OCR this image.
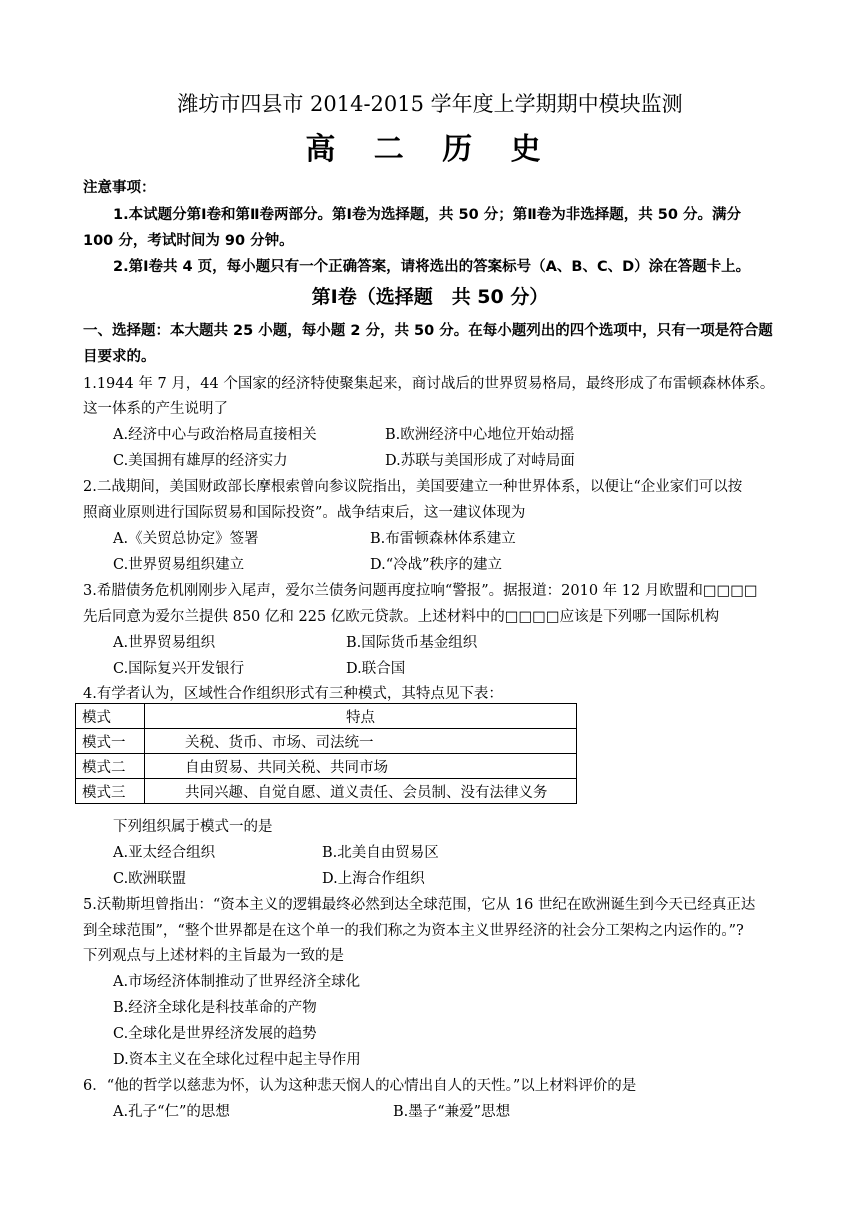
潍坊市四县市 2014-2015 学年度上学期期中模块监测
高 二 历 史
注意事项：
1.本试题分第Ⅰ卷和第Ⅱ卷两部分。第Ⅰ卷为选择题，共 50 分；第Ⅱ卷为非选择题，共 50 分。满分
100 分，考试时间为 90 分钟。
2.第Ⅰ卷共 4 页，每小题只有一个正确答案，请将选出的答案标号（A、B、C、D）涂在答题卡上。
第Ⅰ卷（选择题　共 50 分）
一、选择题：本大题共 25 小题，每小题 2 分，共 50 分。在每小题列出的四个选项中，只有一项是符合题
目要求的。
1.1944 年 7 月，44 个国家的经济特使聚集起来，商讨战后的世界贸易格局，最终形成了布雷顿森林体系。
这一体系的产生说明了
A.经济中心与政治格局直接相关	B.欧洲经济中心地位开始动摇
C.美国拥有雄厚的经济实力	D.苏联与美国形成了对峙局面
2.二战期间，美国财政部长摩根索曾向参议院指出，美国要建立一种世界体系，以便让“企业家们可以按
照商业原则进行国际贸易和国际投资”。战争结束后，这一建议体现为
A.《关贸总协定》签署	B.布雷顿森林体系建立
C.世界贸易组织建立	D.“冷战”秩序的建立
3.希腊债务危机刚刚步入尾声，爱尔兰债务问题再度拉响“警报”。据报道：2010 年 12 月欧盟和□□□□
先后同意为爱尔兰提供 850 亿和 225 亿欧元贷款。上述材料中的□□□□应该是下列哪一国际机构
A.世界贸易组织	B.国际货币基金组织
C.国际复兴开发银行	D.联合国
4.有学者认为，区域性合作组织形式有三种模式，其特点见下表：
模式	特点
模式一	关税、货币、市场、司法统一
模式二	自由贸易、共同关税、共同市场
模式三	共同兴趣、自觉自愿、道义责任、会员制、没有法律义务
下列组织属于模式一的是
A.亚太经合组织	B.北美自由贸易区
C.欧洲联盟	D.上海合作组织
5.沃勒斯坦曾指出：“资本主义的逻辑最终必然到达全球范围，它从 16 世纪在欧洲诞生到今天已经真正达
到全球范围”，“整个世界都是在这个单一的我们称之为资本主义世界经济的社会分工架构之内运作的。”?
下列观点与上述材料的主旨最为一致的是
A.市场经济体制推动了世界经济全球化
B.经济全球化是科技革命的产物
C.全球化是世界经济发展的趋势
D.资本主义在全球化过程中起主导作用
6．“他的哲学以慈悲为怀，认为这种悲天悯人的心情出自人的天性。”以上材料评价的是
A.孔子“仁”的思想	B.墨子“兼爱”思想
